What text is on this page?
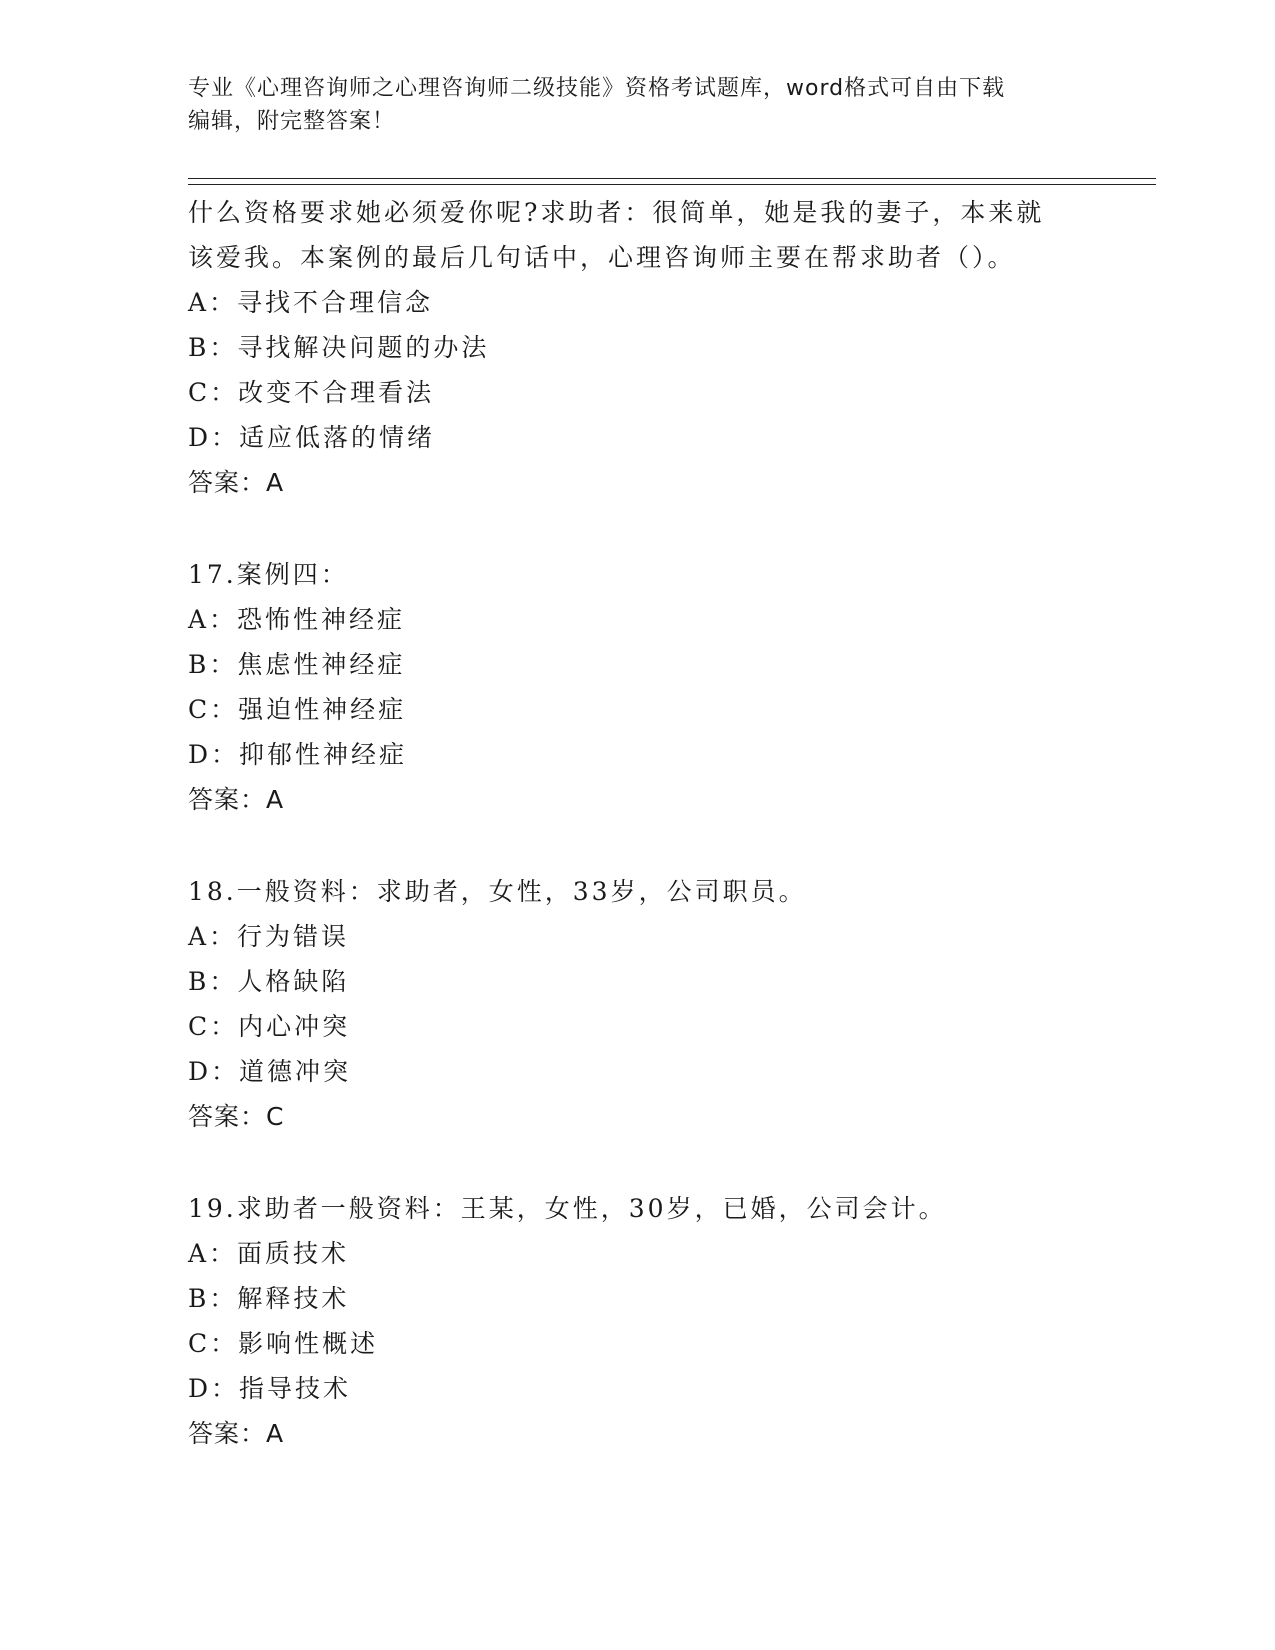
专业《心理咨询师之心理咨询师二级技能》资格考试题库，word格式可自由下载
编辑，附完整答案！
什么资格要求她必须爱你呢?求助者：很简单，她是我的妻子，本来就
该爱我。本案例的最后几句话中，心理咨询师主要在帮求助者（）。
A：寻找不合理信念
B：寻找解决问题的办法
C：改变不合理看法
D：适应低落的情绪
答案：A
17.案例四：
A：恐怖性神经症
B：焦虑性神经症
C：强迫性神经症
D：抑郁性神经症
答案：A
18.一般资料：求助者，女性，33岁，公司职员。
A：行为错误
B：人格缺陷
C：内心冲突
D：道德冲突
答案：C
19.求助者一般资料：王某，女性，30岁，已婚，公司会计。
A：面质技术
B：解释技术
C：影响性概述
D：指导技术
答案：A
